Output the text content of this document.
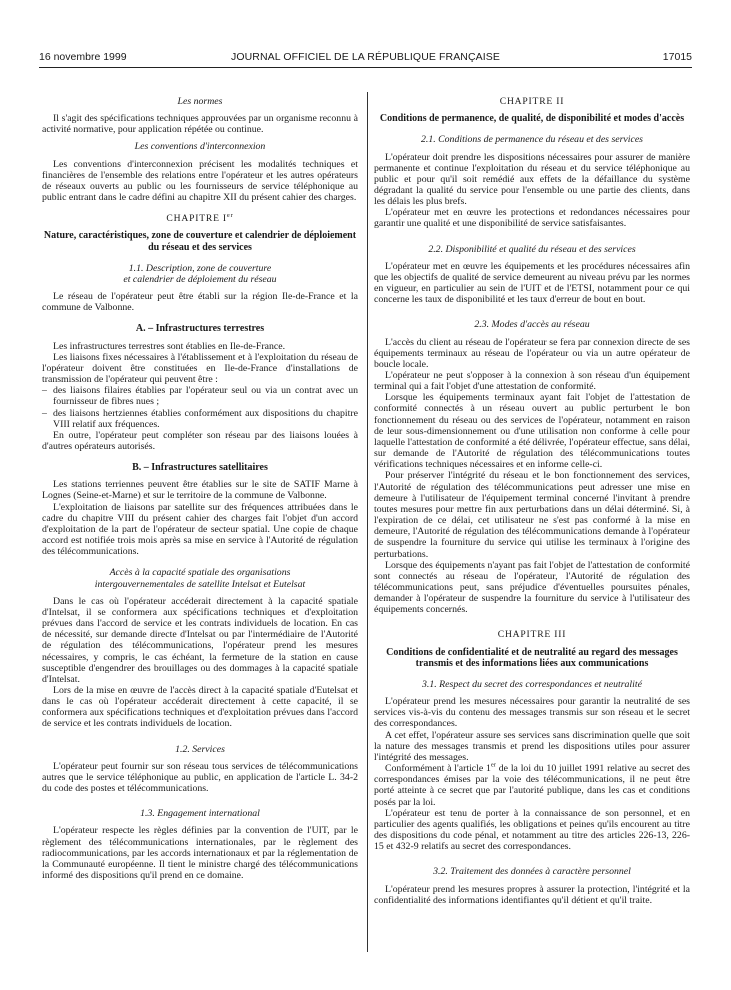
16 novembre 1999	JOURNAL OFFICIEL DE LA RÉPUBLIQUE FRANÇAISE	17015
Les normes

Il s'agit des spécifications techniques approuvées par un organisme reconnu à activité normative, pour application répétée ou continue.

Les conventions d'interconnexion

Les conventions d'interconnexion précisent les modalités techniques et financières de l'ensemble des relations entre l'opérateur et les autres opérateurs de réseaux ouverts au public ou les fournisseurs de service téléphonique au public entrant dans le cadre défini au chapitre XII du présent cahier des charges.

CHAPITRE Ier
Nature, caractéristiques, zone de couverture et calendrier de déploiement du réseau et des services
1.1. Description, zone de couverture
et calendrier de déploiement du réseau

Le réseau de l'opérateur peut être établi sur la région Ile-de-France et la commune de Valbonne.

A. – Infrastructures terrestres

Les infrastructures terrestres sont établies en Ile-de-France.

Les liaisons fixes nécessaires à l'établissement et à l'exploitation du réseau de l'opérateur doivent être constituées en Ile-de-France d'installations de transmission de l'opérateur qui peuvent être :

– des liaisons filaires établies par l'opérateur seul ou via un contrat avec un fournisseur de fibres nues ;
– des liaisons hertziennes établies conformément aux dispositions du chapitre VIII relatif aux fréquences.

En outre, l'opérateur peut compléter son réseau par des liaisons louées à d'autres opérateurs autorisés.

B. – Infrastructures satellitaires

Les stations terriennes peuvent être établies sur le site de SATIF Marne à Lognes (Seine-et-Marne) et sur le territoire de la commune de Valbonne.

L'exploitation de liaisons par satellite sur des fréquences attribuées dans le cadre du chapitre VIII du présent cahier des charges fait l'objet d'un accord d'exploitation de la part de l'opérateur de secteur spatial. Une copie de chaque accord est notifiée trois mois après sa mise en service à l'Autorité de régulation des télécommunications.

Accès à la capacité spatiale des organisations
intergouvernementales de satellite Intelsat et Eutelsat

Dans le cas où l'opérateur accéderait directement à la capacité spatiale d'Intelsat, il se conformera aux spécifications techniques et d'exploitation prévues dans l'accord de service et les contrats individuels de location. En cas de nécessité, sur demande directe d'Intelsat ou par l'intermédiaire de l'Autorité de régulation des télécommunications, l'opérateur prend les mesures nécessaires, y compris, le cas échéant, la fermeture de la station en cause susceptible d'engendrer des brouillages ou des dommages à la capacité spatiale d'Intelsat.

Lors de la mise en œuvre de l'accès direct à la capacité spatiale d'Eutelsat et dans le cas où l'opérateur accéderait directement à cette capacité, il se conformera aux spécifications techniques et d'exploitation prévues dans l'accord de service et les contrats individuels de location.

1.2. Services

L'opérateur peut fournir sur son réseau tous services de télécommunications autres que le service téléphonique au public, en application de l'article L. 34-2 du code des postes et télécommunications.

1.3. Engagement international

L'opérateur respecte les règles définies par la convention de l'UIT, par le règlement des télécommunications internationales, par le règlement des radiocommunications, par les accords internationaux et par la réglementation de la Communauté européenne. Il tient le ministre chargé des télécommunications informé des dispositions qu'il prend en ce domaine.

CHAPITRE II
Conditions de permanence, de qualité, de disponibilité et modes d'accès
2.1. Conditions de permanence du réseau et des services

L'opérateur doit prendre les dispositions nécessaires pour assurer de manière permanente et continue l'exploitation du réseau et du service téléphonique au public et pour qu'il soit remédié aux effets de la défaillance du système dégradant la qualité du service pour l'ensemble ou une partie des clients, dans les délais les plus brefs.

L'opérateur met en œuvre les protections et redondances nécessaires pour garantir une qualité et une disponibilité de service satisfaisantes.

2.2. Disponibilité et qualité du réseau et des services

L'opérateur met en œuvre les équipements et les procédures nécessaires afin que les objectifs de qualité de service demeurent au niveau prévu par les normes en vigueur, en particulier au sein de l'UIT et de l'ETSI, notamment pour ce qui concerne les taux de disponibilité et les taux d'erreur de bout en bout.

2.3. Modes d'accès au réseau

L'accès du client au réseau de l'opérateur se fera par connexion directe de ses équipements terminaux au réseau de l'opérateur ou via un autre opérateur de boucle locale.

L'opérateur ne peut s'opposer à la connexion à son réseau d'un équipement terminal qui a fait l'objet d'une attestation de conformité.

Lorsque les équipements terminaux ayant fait l'objet de l'attestation de conformité connectés à un réseau ouvert au public perturbent le bon fonctionnement du réseau ou des services de l'opérateur, notamment en raison de leur sous-dimensionnement ou d'une utilisation non conforme à celle pour laquelle l'attestation de conformité a été délivrée, l'opérateur effectue, sans délai, sur demande de l'Autorité de régulation des télécommunications toutes vérifications techniques nécessaires et en informe celle-ci.

Pour préserver l'intégrité du réseau et le bon fonctionnement des services, l'Autorité de régulation des télécommunications peut adresser une mise en demeure à l'utilisateur de l'équipement terminal concerné l'invitant à prendre toutes mesures pour mettre fin aux perturbations dans un délai déterminé. Si, à l'expiration de ce délai, cet utilisateur ne s'est pas conformé à la mise en demeure, l'Autorité de régulation des télécommunications demande à l'opérateur de suspendre la fourniture du service qui utilise les terminaux à l'origine des perturbations.

Lorsque des équipements n'ayant pas fait l'objet de l'attestation de conformité sont connectés au réseau de l'opérateur, l'Autorité de régulation des télécommunications peut, sans préjudice d'éventuelles poursuites pénales, demander à l'opérateur de suspendre la fourniture du service à l'utilisateur des équipements concernés.

CHAPITRE III
Conditions de confidentialité et de neutralité au regard des messages transmis et des informations liées aux communications
3.1. Respect du secret des correspondances et neutralité

L'opérateur prend les mesures nécessaires pour garantir la neutralité de ses services vis-à-vis du contenu des messages transmis sur son réseau et le secret des correspondances.

A cet effet, l'opérateur assure ses services sans discrimination quelle que soit la nature des messages transmis et prend les dispositions utiles pour assurer l'intégrité des messages.

Conformément à l'article 1er de la loi du 10 juillet 1991 relative au secret des correspondances émises par la voie des télécommunications, il ne peut être porté atteinte à ce secret que par l'autorité publique, dans les cas et conditions posés par la loi.

L'opérateur est tenu de porter à la connaissance de son personnel, et en particulier des agents qualifiés, les obligations et peines qu'ils encourent au titre des dispositions du code pénal, et notamment au titre des articles 226-13, 226-15 et 432-9 relatifs au secret des correspondances.

3.2. Traitement des données à caractère personnel

L'opérateur prend les mesures propres à assurer la protection, l'intégrité et la confidentialité des informations identifiantes qu'il détient et qu'il traite.
